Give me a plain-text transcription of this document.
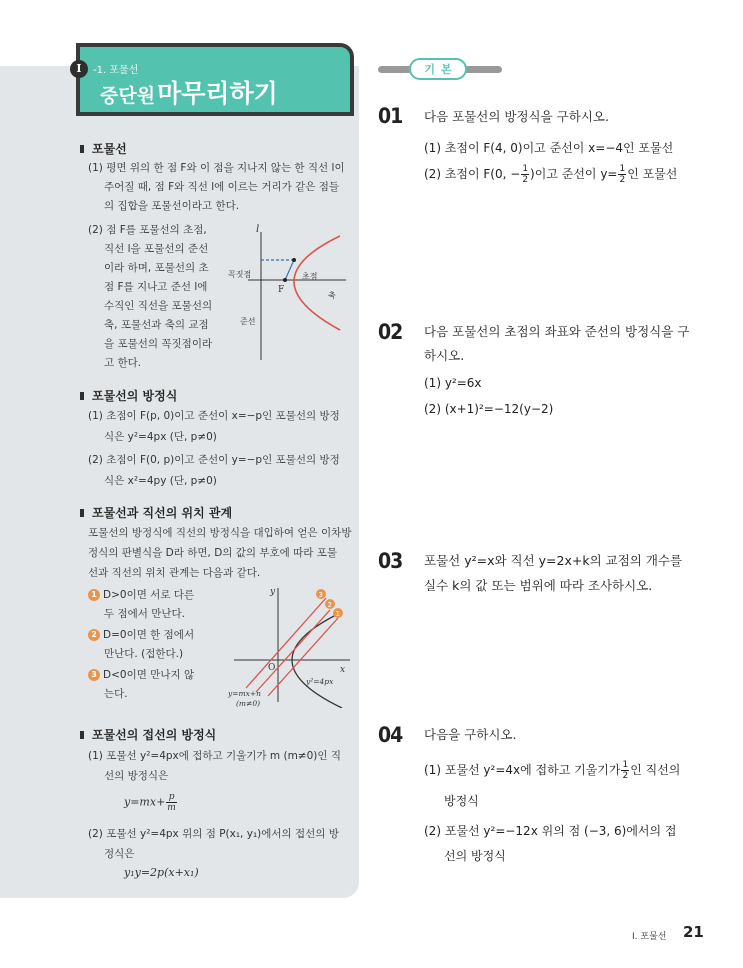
I	-1. 포물선
중단원마무리하기
포물선
(1) 평면 위의 한 점 F와 이 점을 지나지 않는 한 직선 l이
주어질 때, 점 F와 직선 l에 이르는 거리가 같은 점들
의 집합을 포물선이라고 한다.
(2) 점 F를 포물선의 초점,
직선 l을 포물선의 준선
이라 하며, 포물선의 초
점 F를 지나고 준선 l에
수직인 직선을 포물선의
축, 포물선과 축의 교점
을 포물선의 꼭짓점이라
고 한다.
l
꼭짓점	초점
F
축
준선
포물선의 방정식
(1) 초점이 F(p, 0)이고 준선이 x=−p인 포물선의 방정
식은 y²=4px (단, p≠0)
(2) 초점이 F(0, p)이고 준선이 y=−p인 포물선의 방정
식은 x²=4py (단, p≠0)
포물선과 직선의 위치 관계
포물선의 방정식에 직선의 방정식을 대입하여 얻은 이차방
정식의 판별식을 D라 하면, D의 값의 부호에 따라 포물
선과 직선의 위치 관계는 다음과 같다.
1 D>0이면 서로 다른
두 점에서 만난다.
2 D=0이면 한 점에서
만난다. (접한다.)
3 D<0이면 만나지 않
는다.
3
2
1
y
x
O
y²=4px
y=mx+n
(m≠0)
포물선의 접선의 방정식
(1) 포물선 y²=4px에 접하고 기울기가 m (m≠0)인 직
선의 방정식은
$y=mx+ \frac{p}{m}$
(2) 포물선 y²=4px 위의 점 P(x₁, y₁)에서의 접선의 방
정식은
y₁y=2p(x+x₁)
기 본
01 다음 포물선의 방정식을 구하시오.
(1) 초점이 F(4, 0)이고 준선이 x=−4인 포물선
(2) 초점이 F(0, − $\frac{1}{2}$ )이고 준선이 $y= \frac{1}{2}$ 인 포물선
02 다음 포물선의 초점의 좌표와 준선의 방정식을 구
하시오.
(1) y²=6x
(2) (x+1)²=−12(y−2)
03 포물선 y²=x와 직선 y=2x+k의 교점의 개수를
실수 k의 값 또는 범위에 따라 조사하시오.
04 다음을 구하시오.
(1) 포물선 y²=4x에 접하고 기울기가 $\frac{1}{2}$ 인 직선의
방정식
(2) 포물선 y²=−12x 위의 점 (−3, 6)에서의 접
선의 방정식
I. 포물선 21
